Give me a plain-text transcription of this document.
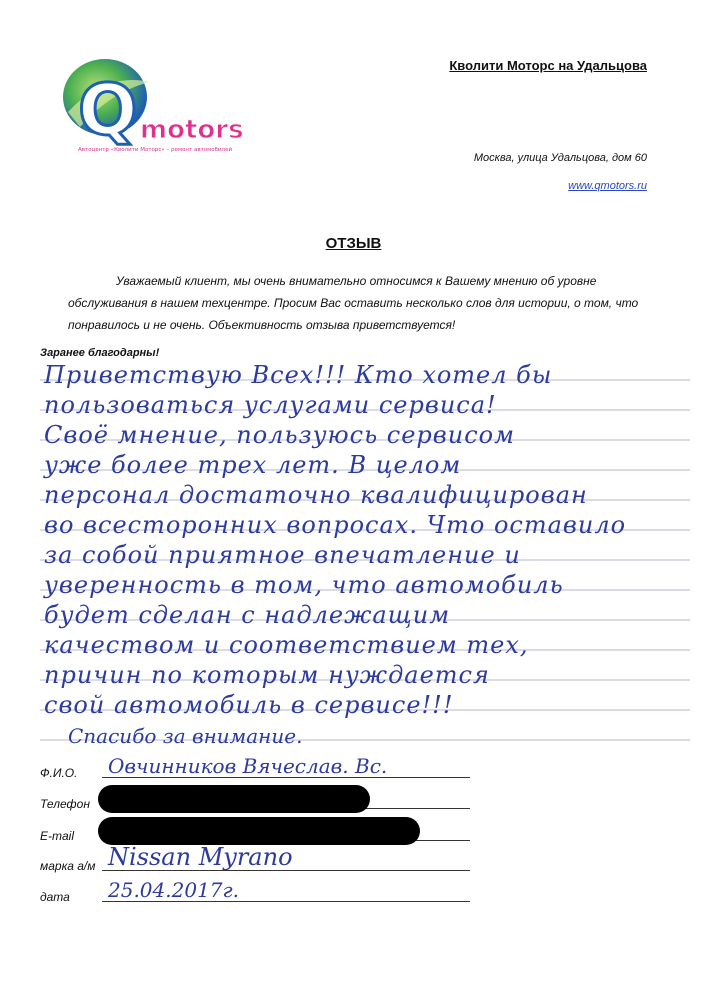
Q motors
Автоцентр «Кволити Моторс» – ремонт автомобилей
Кволити Моторс на Удальцова
Москва, улица Удальцова, дом 60
www.qmotors.ru
ОТЗЫВ
Уважаемый клиент, мы очень внимательно относимся к Вашему мнению об уровне обслуживания в нашем техцентре. Просим Вас оставить несколько слов для истории, о том, что понравилось и не очень. Объективность отзыва приветствуется!
Заранее благодарны!
Приветствую Всех!!! Кто хотел бы
пользоваться услугами сервиса!
Своё мнение, пользуюсь сервисом
уже более трех лет. В целом
персонал достаточно квалифицирован
во всесторонних вопросах. Что оставило
за собой приятное впечатление и
уверенность в том, что автомобиль
будет сделан с надлежащим
качеством и соответствием тех,
причин по которым нуждается
свой автомобиль в сервисе!!!
Спасибо за внимание.
Ф.И.О. Овчинников Вячеслав. Вс.
Телефон
E-mail
марка а/м Nissan Myrano
дата 25.04.2017г.
